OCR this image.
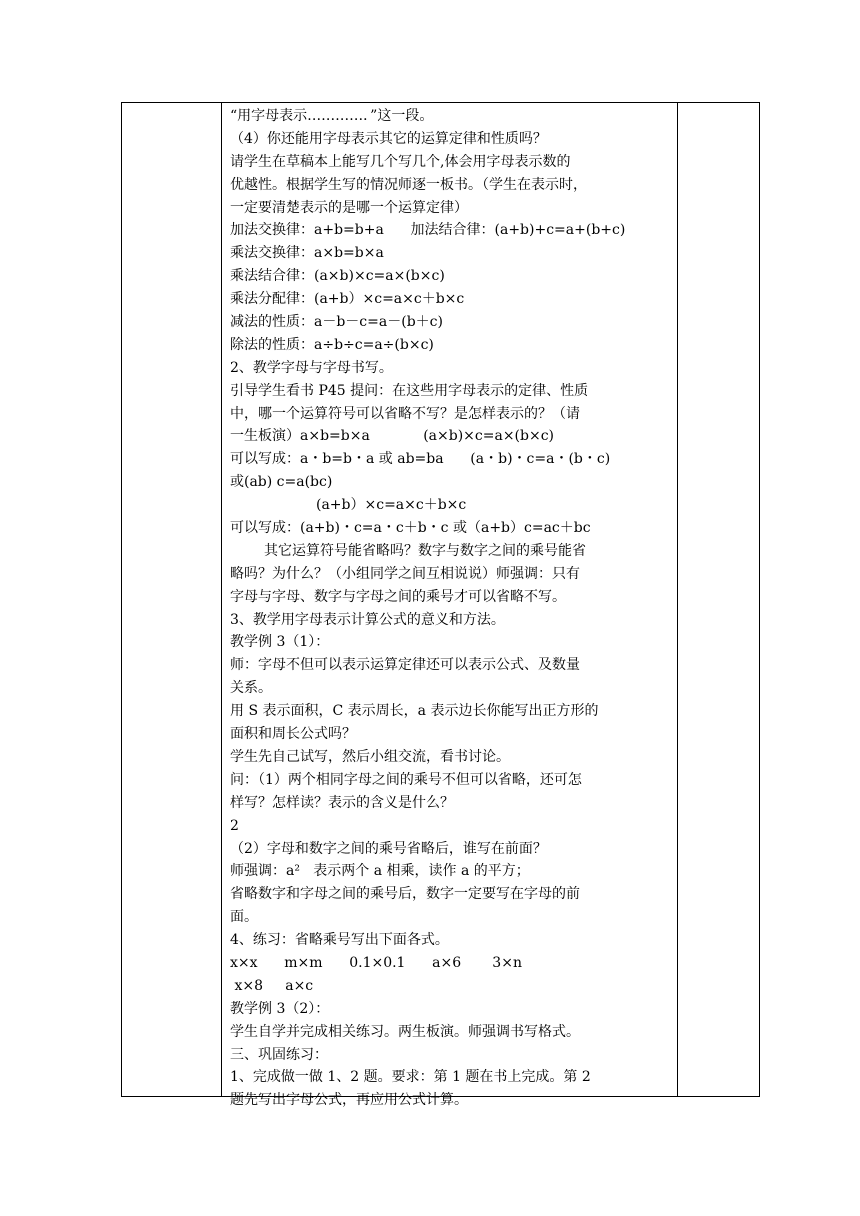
“用字母表示…………．”这一段。
（4）你还能用字母表示其它的运算定律和性质吗？
请学生在草稿本上能写几个写几个,体会用字母表示数的
优越性。根据学生写的情况师逐一板书。（学生在表示时，
一定要清楚表示的是哪一个运算定律）
加法交换律：a+b=b+a      加法结合律：(a+b)+c=a+(b+c)
乘法交换律：a×b=b×a
乘法结合律：(a×b)×c=a×(b×c)
乘法分配律：(a+b）×c=a×c＋b×c
减法的性质：a－b－c=a－(b＋c)
除法的性质：a÷b÷c=a÷(b×c)
2、教学字母与字母书写。
引导学生看书 P45 提问：在这些用字母表示的定律、性质
中，哪一个运算符号可以省略不写？是怎样表示的？（请
一生板演）a×b=b×a            (a×b)×c=a×(b×c)
可以写成：a・b=b・a 或 ab=ba      (a・b)・c=a・(b・c)
或(ab) c=a(bc)
(a+b）×c=a×c＋b×c
可以写成：(a+b)・c=a・c＋b・c 或（a+b）c=ac＋bc
其它运算符号能省略吗？数字与数字之间的乘号能省
略吗？为什么？（小组同学之间互相说说）师强调：只有
字母与字母、数字与字母之间的乘号才可以省略不写。
3、教学用字母表示计算公式的意义和方法。
教学例 3（1）：
师：字母不但可以表示运算定律还可以表示公式、及数量
关系。
用 S 表示面积，C 表示周长，a 表示边长你能写出正方形的
面积和周长公式吗？
学生先自己试写，然后小组交流，看书讨论。
问：（1）两个相同字母之间的乘号不但可以省略，还可怎
样写？怎样读？表示的含义是什么？
2
（2）字母和数字之间的乘号省略后，谁写在前面？
师强调：a²   表示两个 a 相乘，读作 a 的平方；
省略数字和字母之间的乘号后，数字一定要写在字母的前
面。
4、练习：省略乘号写出下面各式。
x×x      m×m      0.1×0.1      a×6       3×n
x×8     a×c
教学例 3（2）：
学生自学并完成相关练习。两生板演。师强调书写格式。
三、巩固练习：
1、完成做一做 1、2 题。要求：第 1 题在书上完成。第 2
题先写出字母公式，再应用公式计算。
